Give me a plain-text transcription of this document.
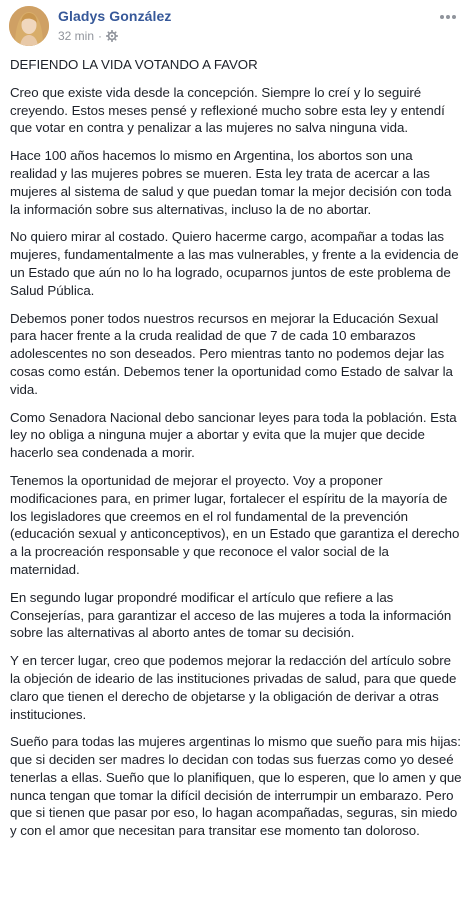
Gladys González
32 min ·

DEFIENDO LA VIDA VOTANDO A FAVOR

Creo que existe vida desde la concepción. Siempre lo creí y lo seguiré creyendo. Estos meses pensé y reflexioné mucho sobre esta ley y entendí que votar en contra y penalizar a las mujeres no salva ninguna vida.

Hace 100 años hacemos lo mismo en Argentina, los abortos son una realidad y las mujeres pobres se mueren. Esta ley trata de acercar a las mujeres al sistema de salud y que puedan tomar la mejor decisión con toda la información sobre sus alternativas, incluso la de no abortar.

No quiero mirar al costado. Quiero hacerme cargo, acompañar a todas las mujeres, fundamentalmente a las mas vulnerables, y frente a la evidencia de un Estado que aún no lo ha logrado, ocuparnos juntos de este problema de Salud Pública.

Debemos poner todos nuestros recursos en mejorar la Educación Sexual para hacer frente a la cruda realidad de que 7 de cada 10 embarazos adolescentes no son deseados. Pero mientras tanto no podemos dejar las cosas como están. Debemos tener la oportunidad como Estado de salvar la vida.

Como Senadora Nacional debo sancionar leyes para toda la población. Esta ley no obliga a ninguna mujer a abortar y evita que la mujer que decide hacerlo sea condenada a morir.

Tenemos la oportunidad de mejorar el proyecto. Voy a proponer modificaciones para, en primer lugar, fortalecer el espíritu de la mayoría de los legisladores que creemos en el rol fundamental de la prevención (educación sexual y anticonceptivos), en un Estado que garantiza el derecho a la procreación responsable y que reconoce el valor social de la maternidad.

En segundo lugar propondré modificar el artículo que refiere a las Consejerías, para garantizar el acceso de las mujeres a toda la información sobre las alternativas al aborto antes de tomar su decisión.

Y en tercer lugar, creo que podemos mejorar la redacción del artículo sobre la objeción de ideario de las instituciones privadas de salud, para que quede claro que tienen el derecho de objetarse y la obligación de derivar a otras instituciones.

Sueño para todas las mujeres argentinas lo mismo que sueño para mis hijas: que si deciden ser madres lo decidan con todas sus fuerzas como yo deseé tenerlas a ellas. Sueño que lo planifiquen, que lo esperen, que lo amen y que nunca tengan que tomar la difícil decisión de interrumpir un embarazo. Pero que si tienen que pasar por eso, lo hagan acompañadas, seguras, sin miedo y con el amor que necesitan para transitar ese momento tan doloroso.
